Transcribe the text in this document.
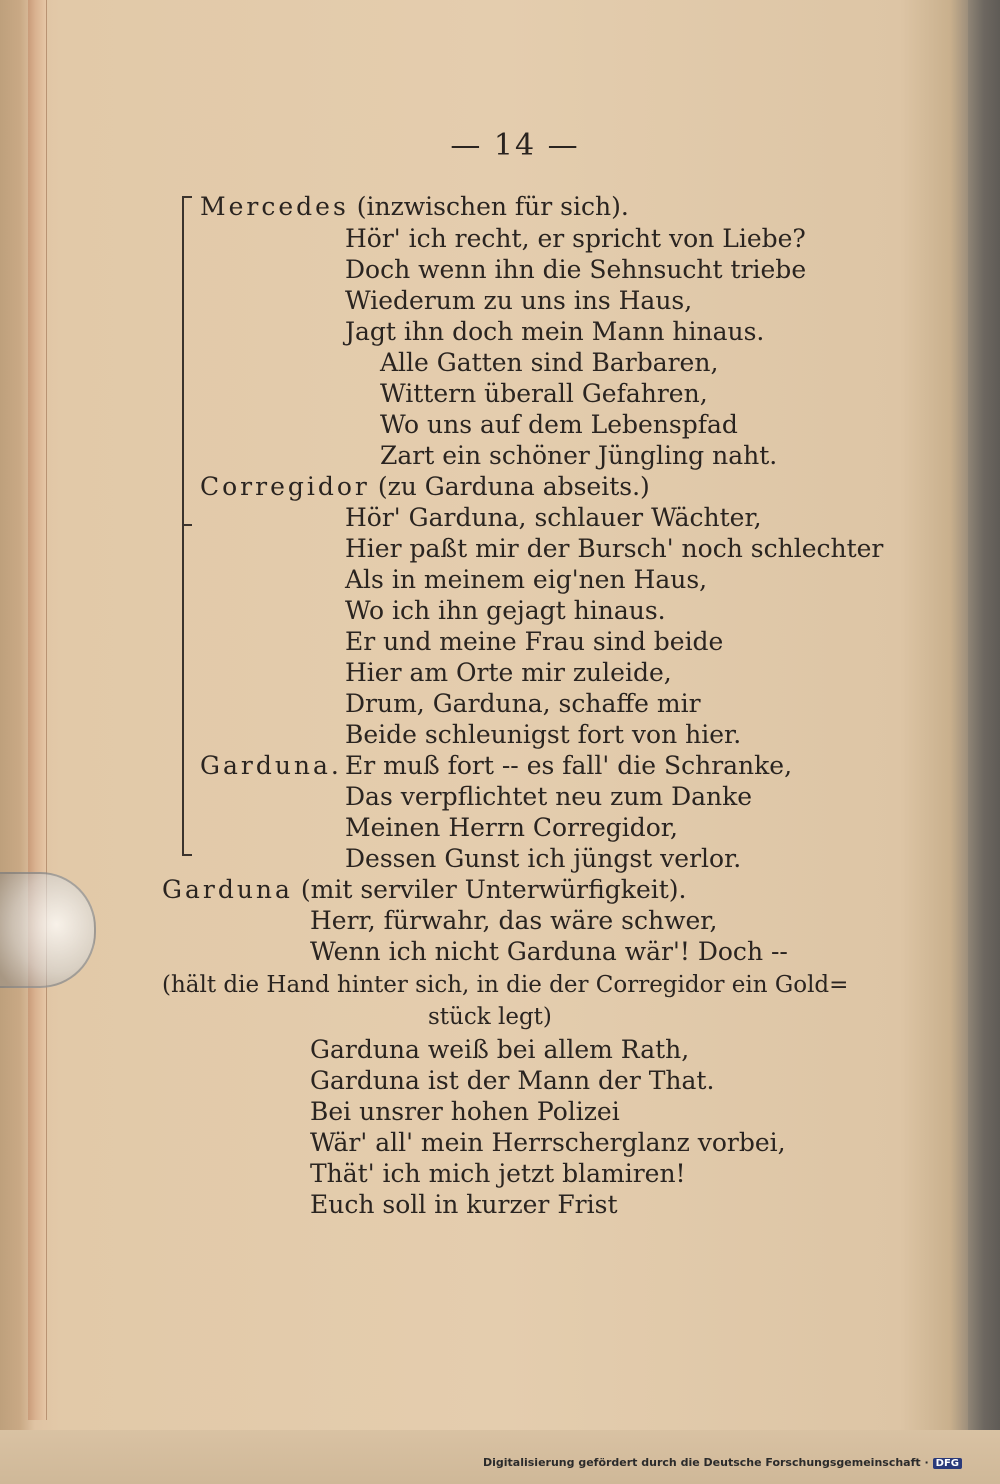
— 14 —
Mercedes (inzwischen für sich).
Hör' ich recht, er spricht von Liebe?
Doch wenn ihn die Sehnsucht triebe
Wiederum zu uns ins Haus,
Jagt ihn doch mein Mann hinaus.
Alle Gatten sind Barbaren,
Wittern überall Gefahren,
Wo uns auf dem Lebenspfad
Zart ein schöner Jüngling naht.
Corregidor (zu Garduna abseits.)
Hör' Garduna, schlauer Wächter,
Hier paßt mir der Bursch' noch schlechter
Als in meinem eig'nen Haus,
Wo ich ihn gejagt hinaus.
Er und meine Frau sind beide
Hier am Orte mir zuleide,
Drum, Garduna, schaffe mir
Beide schleunigst fort von hier.
Garduna. Er muß fort -- es fall' die Schranke,
Das verpflichtet neu zum Danke
Meinen Herrn Corregidor,
Dessen Gunst ich jüngst verlor.
Garduna (mit serviler Unterwürfigkeit).
Herr, fürwahr, das wäre schwer,
Wenn ich nicht Garduna wär'! Doch --
(hält die Hand hinter sich, in die der Corregidor ein Gold=
stück legt)
Garduna weiß bei allem Rath,
Garduna ist der Mann der That.
Bei unsrer hohen Polizei
Wär' all' mein Herrscherglanz vorbei,
Thät' ich mich jetzt blamiren!
Euch soll in kurzer Frist
Digitalisierung gefördert durch die Deutsche Forschungsgemeinschaft · DFG
